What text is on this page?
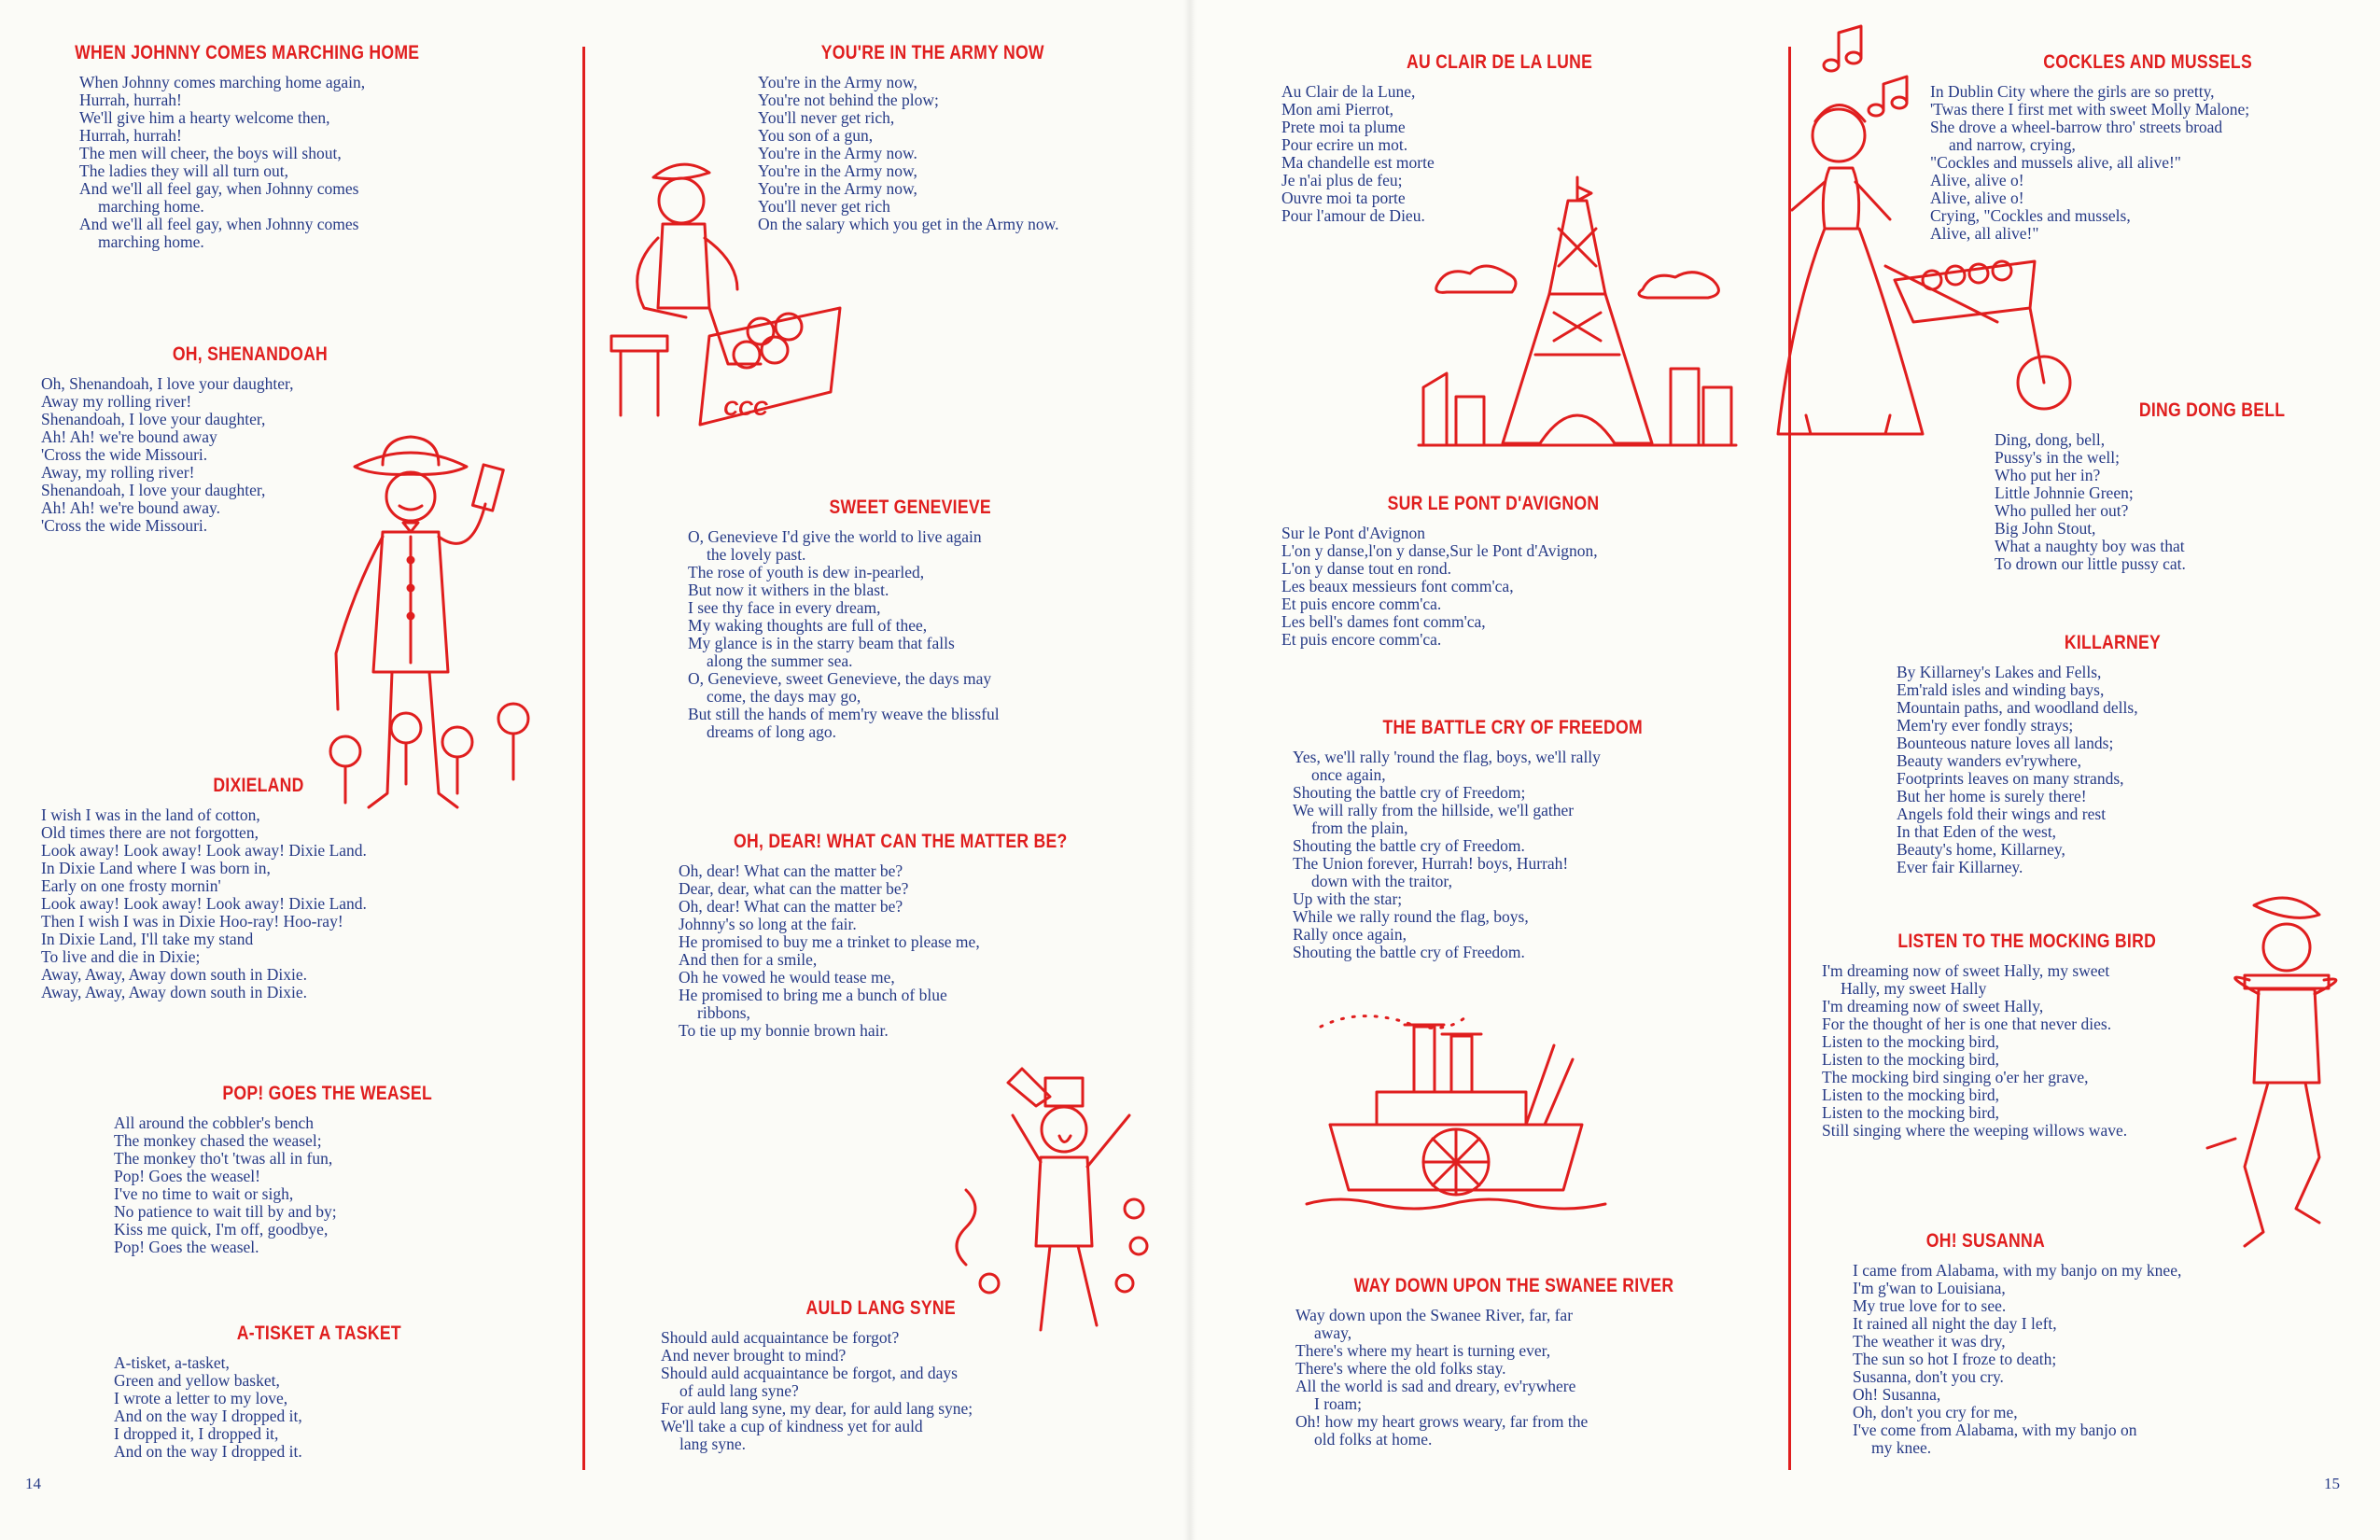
WHEN JOHNNY COMES MARCHING HOME
When Johnny comes marching home again,
Hurrah, hurrah!
We'll give him a hearty welcome then,
Hurrah, hurrah!
The men will cheer, the boys will shout,
The ladies they will all turn out,
And we'll all feel gay, when Johnny comes
marching home.
And we'll all feel gay, when Johnny comes
marching home.
OH, SHENANDOAH
Oh, Shenandoah, I love your daughter,
Away my rolling river!
Shenandoah, I love your daughter,
Ah! Ah! we're bound away
'Cross the wide Missouri.
Away, my rolling river!
Shenandoah, I love your daughter,
Ah! Ah! we're bound away.
'Cross the wide Missouri.
DIXIELAND
I wish I was in the land of cotton,
Old times there are not forgotten,
Look away! Look away! Look away! Dixie Land.
In Dixie Land where I was born in,
Early on one frosty mornin'
Look away! Look away! Look away! Dixie Land.
Then I wish I was in Dixie Hoo-ray! Hoo-ray!
In Dixie Land, I'll take my stand
To live and die in Dixie;
Away, Away, Away down south in Dixie.
Away, Away, Away down south in Dixie.
POP! GOES THE WEASEL
All around the cobbler's bench
The monkey chased the weasel;
The monkey tho't 'twas all in fun,
Pop! Goes the weasel!
I've no time to wait or sigh,
No patience to wait till by and by;
Kiss me quick, I'm off, goodbye,
Pop! Goes the weasel.
A-TISKET A TASKET
A-tisket, a-tasket,
Green and yellow basket,
I wrote a letter to my love,
And on the way I dropped it,
I dropped it, I dropped it,
And on the way I dropped it.
YOU'RE IN THE ARMY NOW
You're in the Army now,
You're not behind the plow;
You'll never get rich,
You son of a gun,
You're in the Army now.
You're in the Army now,
You're in the Army now,
You'll never get rich
On the salary which you get in the Army now.
SWEET GENEVIEVE
O, Genevieve I'd give the world to live again
the lovely past.
The rose of youth is dew in-pearled,
But now it withers in the blast.
I see thy face in every dream,
My waking thoughts are full of thee,
My glance is in the starry beam that falls
along the summer sea.
O, Genevieve, sweet Genevieve, the days may
come, the days may go,
But still the hands of mem'ry weave the blissful
dreams of long ago.
OH, DEAR! WHAT CAN THE MATTER BE?
Oh, dear! What can the matter be?
Dear, dear, what can the matter be?
Oh, dear! What can the matter be?
Johnny's so long at the fair.
He promised to buy me a trinket to please me,
And then for a smile,
Oh he vowed he would tease me,
He promised to bring me a bunch of blue
ribbons,
To tie up my bonnie brown hair.
AULD LANG SYNE
Should auld acquaintance be forgot?
And never brought to mind?
Should auld acquaintance be forgot, and days
of auld lang syne?
For auld lang syne, my dear, for auld lang syne;
We'll take a cup of kindness yet for auld
lang syne.
AU CLAIR DE LA LUNE
Au Clair de la Lune,
Mon ami Pierrot,
Prete moi ta plume
Pour ecrire un mot.
Ma chandelle est morte
Je n'ai plus de feu;
Ouvre moi ta porte
Pour l'amour de Dieu.
SUR LE PONT D'AVIGNON
Sur le Pont d'Avignon
L'on y danse,l'on y danse,Sur le Pont d'Avignon,
L'on y danse tout en rond.
Les beaux messieurs font comm'ca,
Et puis encore comm'ca.
Les bell's dames font comm'ca,
Et puis encore comm'ca.
THE BATTLE CRY OF FREEDOM
Yes, we'll rally 'round the flag, boys, we'll rally
once again,
Shouting the battle cry of Freedom;
We will rally from the hillside, we'll gather
from the plain,
Shouting the battle cry of Freedom.
The Union forever, Hurrah! boys, Hurrah!
down with the traitor,
Up with the star;
While we rally round the flag, boys,
Rally once again,
Shouting the battle cry of Freedom.
WAY DOWN UPON THE SWANEE RIVER
Way down upon the Swanee River, far, far
away,
There's where my heart is turning ever,
There's where the old folks stay.
All the world is sad and dreary, ev'rywhere
I roam;
Oh! how my heart grows weary, far from the
old folks at home.
COCKLES AND MUSSELS
In Dublin City where the girls are so pretty,
'Twas there I first met with sweet Molly Malone;
She drove a wheel-barrow thro' streets broad
and narrow, crying,
"Cockles and mussels alive, all alive!"
Alive, alive o!
Alive, alive o!
Crying, "Cockles and mussels,
Alive, all alive!"
DING DONG BELL
Ding, dong, bell,
Pussy's in the well;
Who put her in?
Little Johnnie Green;
Who pulled her out?
Big John Stout,
What a naughty boy was that
To drown our little pussy cat.
KILLARNEY
By Killarney's Lakes and Fells,
Em'rald isles and winding bays,
Mountain paths, and woodland dells,
Mem'ry ever fondly strays;
Bounteous nature loves all lands;
Beauty wanders ev'rywhere,
Footprints leaves on many strands,
But her home is surely there!
Angels fold their wings and rest
In that Eden of the west,
Beauty's home, Killarney,
Ever fair Killarney.
LISTEN TO THE MOCKING BIRD
I'm dreaming now of sweet Hally, my sweet
Hally, my sweet Hally
I'm dreaming now of sweet Hally,
For the thought of her is one that never dies.
Listen to the mocking bird,
Listen to the mocking bird,
The mocking bird singing o'er her grave,
Listen to the mocking bird,
Listen to the mocking bird,
Still singing where the weeping willows wave.
OH! SUSANNA
I came from Alabama, with my banjo on my knee,
I'm g'wan to Louisiana,
My true love for to see.
It rained all night the day I left,
The weather it was dry,
The sun so hot I froze to death;
Susanna, don't you cry.
Oh! Susanna,
Oh, don't you cry for me,
I've come from Alabama, with my banjo on
my knee.
CCC
14	15
